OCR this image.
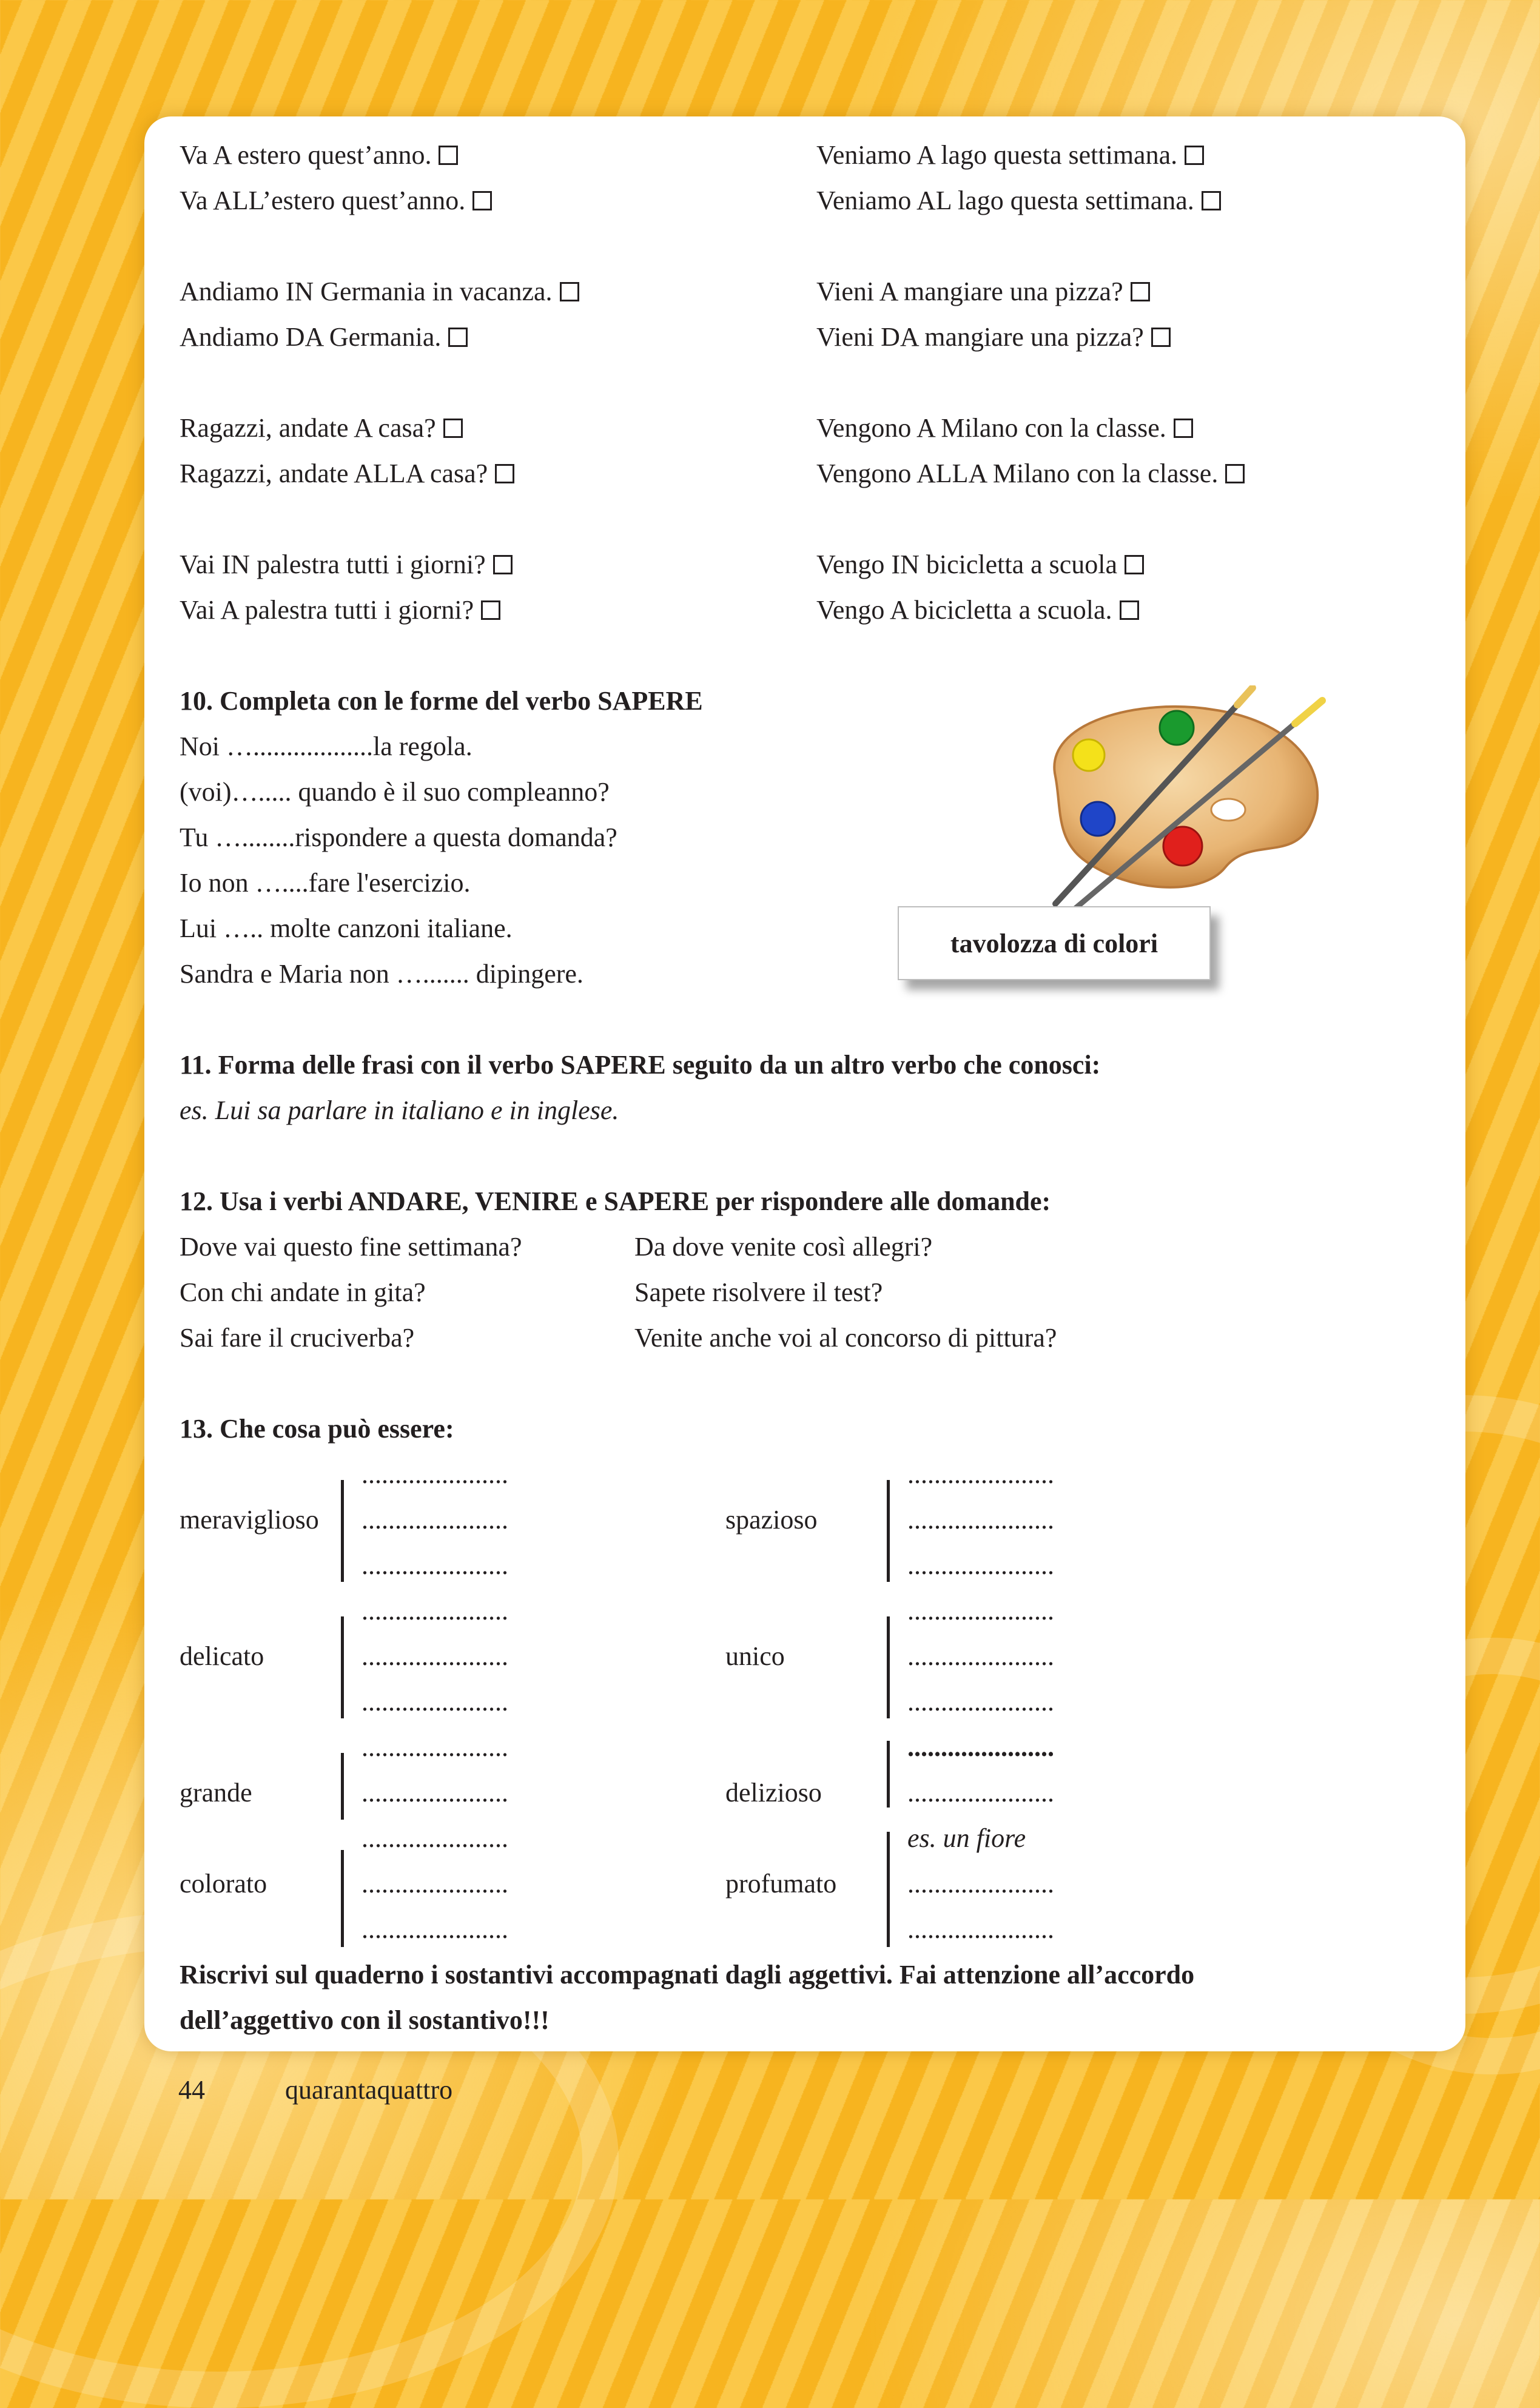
Va A estero quest’anno.
Va ALL’estero quest’anno.
Andiamo IN Germania in vacanza.
Andiamo DA Germania.
Ragazzi, andate A casa?
Ragazzi, andate ALLA casa?
Vai IN palestra tutti i giorni?
Vai A palestra tutti i giorni?
Veniamo A lago questa settimana.
Veniamo AL lago questa settimana.
Vieni A mangiare una pizza?
Vieni DA mangiare una pizza?
Vengono A Milano con la classe.
Vengono ALLA Milano con la classe.
Vengo IN bicicletta a scuola
Vengo A bicicletta a scuola.
10. Completa con le forme del verbo SAPERE
Noi …..................la regola.
(voi)…..... quando è il suo compleanno?
Tu …........rispondere a questa domanda?
Io non …....fare l'esercizio.
Lui ….. molte canzoni italiane.
Sandra e Maria non …....... dipingere.
tavolozza di colori
11. Forma delle frasi con il verbo SAPERE seguito da un altro verbo che conosci:
es. Lui sa parlare in italiano e in inglese.
12. Usa i verbi ANDARE, VENIRE e SAPERE per rispondere alle domande:
Dove vai questo fine settimana?
Con chi andate in gita?
Sai fare il cruciverba?
Da dove venite così allegri?
Sapete risolvere il test?
Venite anche voi al concorso di pittura?
13. Che cosa può essere:
meraviglioso
delicato
grande
colorato
spazioso
unico
delizioso
profumato
......................
......................
......................
......................
......................
......................
......................
......................
......................
......................
......................
......................
......................
......................
......................
......................
......................
......................
......................
es. un fiore
......................
......................
Riscrivi sul quaderno i sostantivi accompagnati dagli aggettivi. Fai attenzione all’accordo
dell’aggettivo con il sostantivo!!!
44	quarantaquattro
